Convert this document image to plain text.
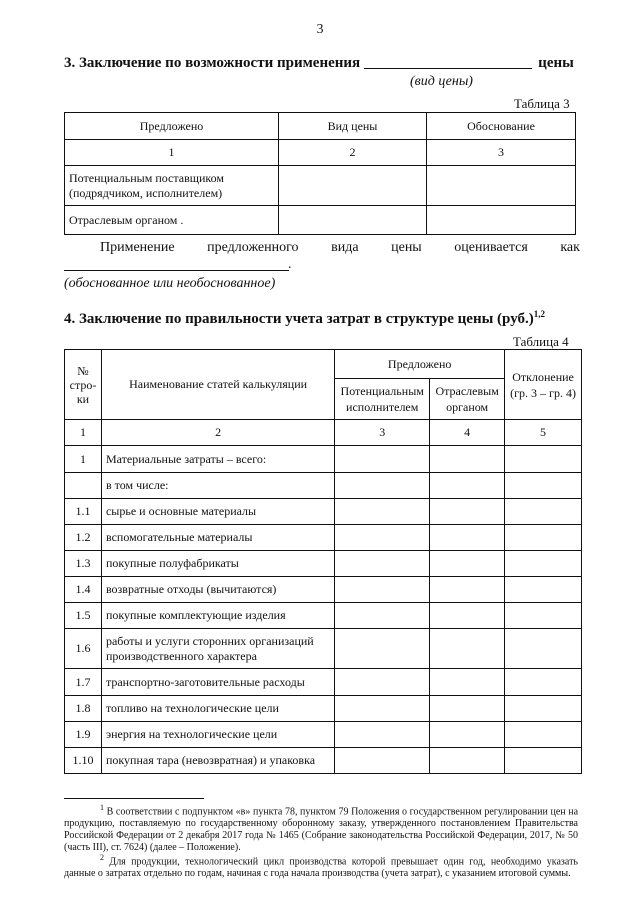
3
3. Заключение по возможности применения	цены
(вид цены)
Таблица 3
Предложено	Вид цены	Обоснование
1	2	3
Потенциальным поставщиком (подрядчиком, исполнителем)		
Отраслевым органом .		
Применение предложенного вида цены оценивается как
.
(обоснованное или необоснованное)
4. Заключение по правильности учета затрат в структуре цены $(руб.)^{1,2}$
Таблица 4
№ стро-ки	Наименование статей калькуляции	Предложено		Отклонение (гр. 3 – гр. 4)
		Потенциальным исполнителем	Отраслевым органом	
1	2	3	4	5
1	Материальные затраты – всего:			
	в том числе:			
1.1	сырье и основные материалы			
1.2	вспомогательные материалы			
1.3	покупные полуфабрикаты			
1.4	возвратные отходы (вычитаются)			
1.5	покупные комплектующие изделия			
1.6	работы и услуги сторонних организаций производственного характера			
1.7	транспортно-заготовительные расходы			
1.8	топливо на технологические цели			
1.9	энергия на технологические цели			
1.10	покупная тара (невозвратная) и упаковка			
$^1$ В соответствии с подпунктом «в» пункта 78, пунктом 79 Положения о государственном регулировании цен на продукцию, поставляемую по государственному оборонному заказу, утвержденного постановлением Правительства Российской Федерации от 2 декабря 2017 года № 1465 (Собрание законодательства Российской Федерации, 2017, № 50 (часть III), ст. 7624) (далее – Положение).
$^2$ Для продукции, технологический цикл производства которой превышает один год, необходимо указать данные о затратах отдельно по годам, начиная с года начала производства (учета затрат), с указанием итоговой суммы.
